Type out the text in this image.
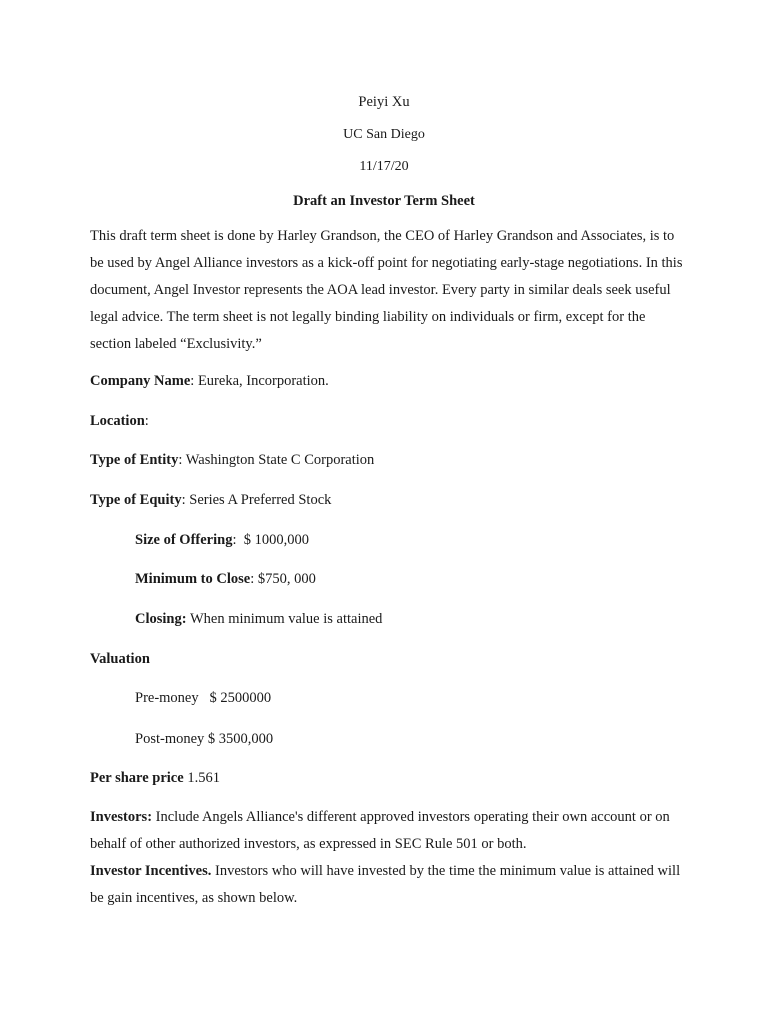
Peiyi Xu
UC San Diego
11/17/20
Draft an Investor Term Sheet

This draft term sheet is done by Harley Grandson, the CEO of Harley Grandson and Associates, is to be used by Angel Alliance investors as a kick-off point for negotiating early-stage negotiations. In this document, Angel Investor represents the AOA lead investor. Every party in similar deals seek useful legal advice. The term sheet is not legally binding liability on individuals or firm, except for the section labeled “Exclusivity.”

Company Name: Eureka, Incorporation.

Location:

Type of Entity: Washington State C Corporation

Type of Equity: Series A Preferred Stock

Size of Offering:  $ 1000,000

Minimum to Close: $750, 000

Closing: When minimum value is attained

Valuation

Pre-money   $ 2500000

Post-money $ 3500,000

Per share price 1.561

Investors: Include Angels Alliance's different approved investors operating their own account or on behalf of other authorized investors, as expressed in SEC Rule 501 or both.

Investor Incentives. Investors who will have invested by the time the minimum value is attained will be gain incentives, as shown below.
